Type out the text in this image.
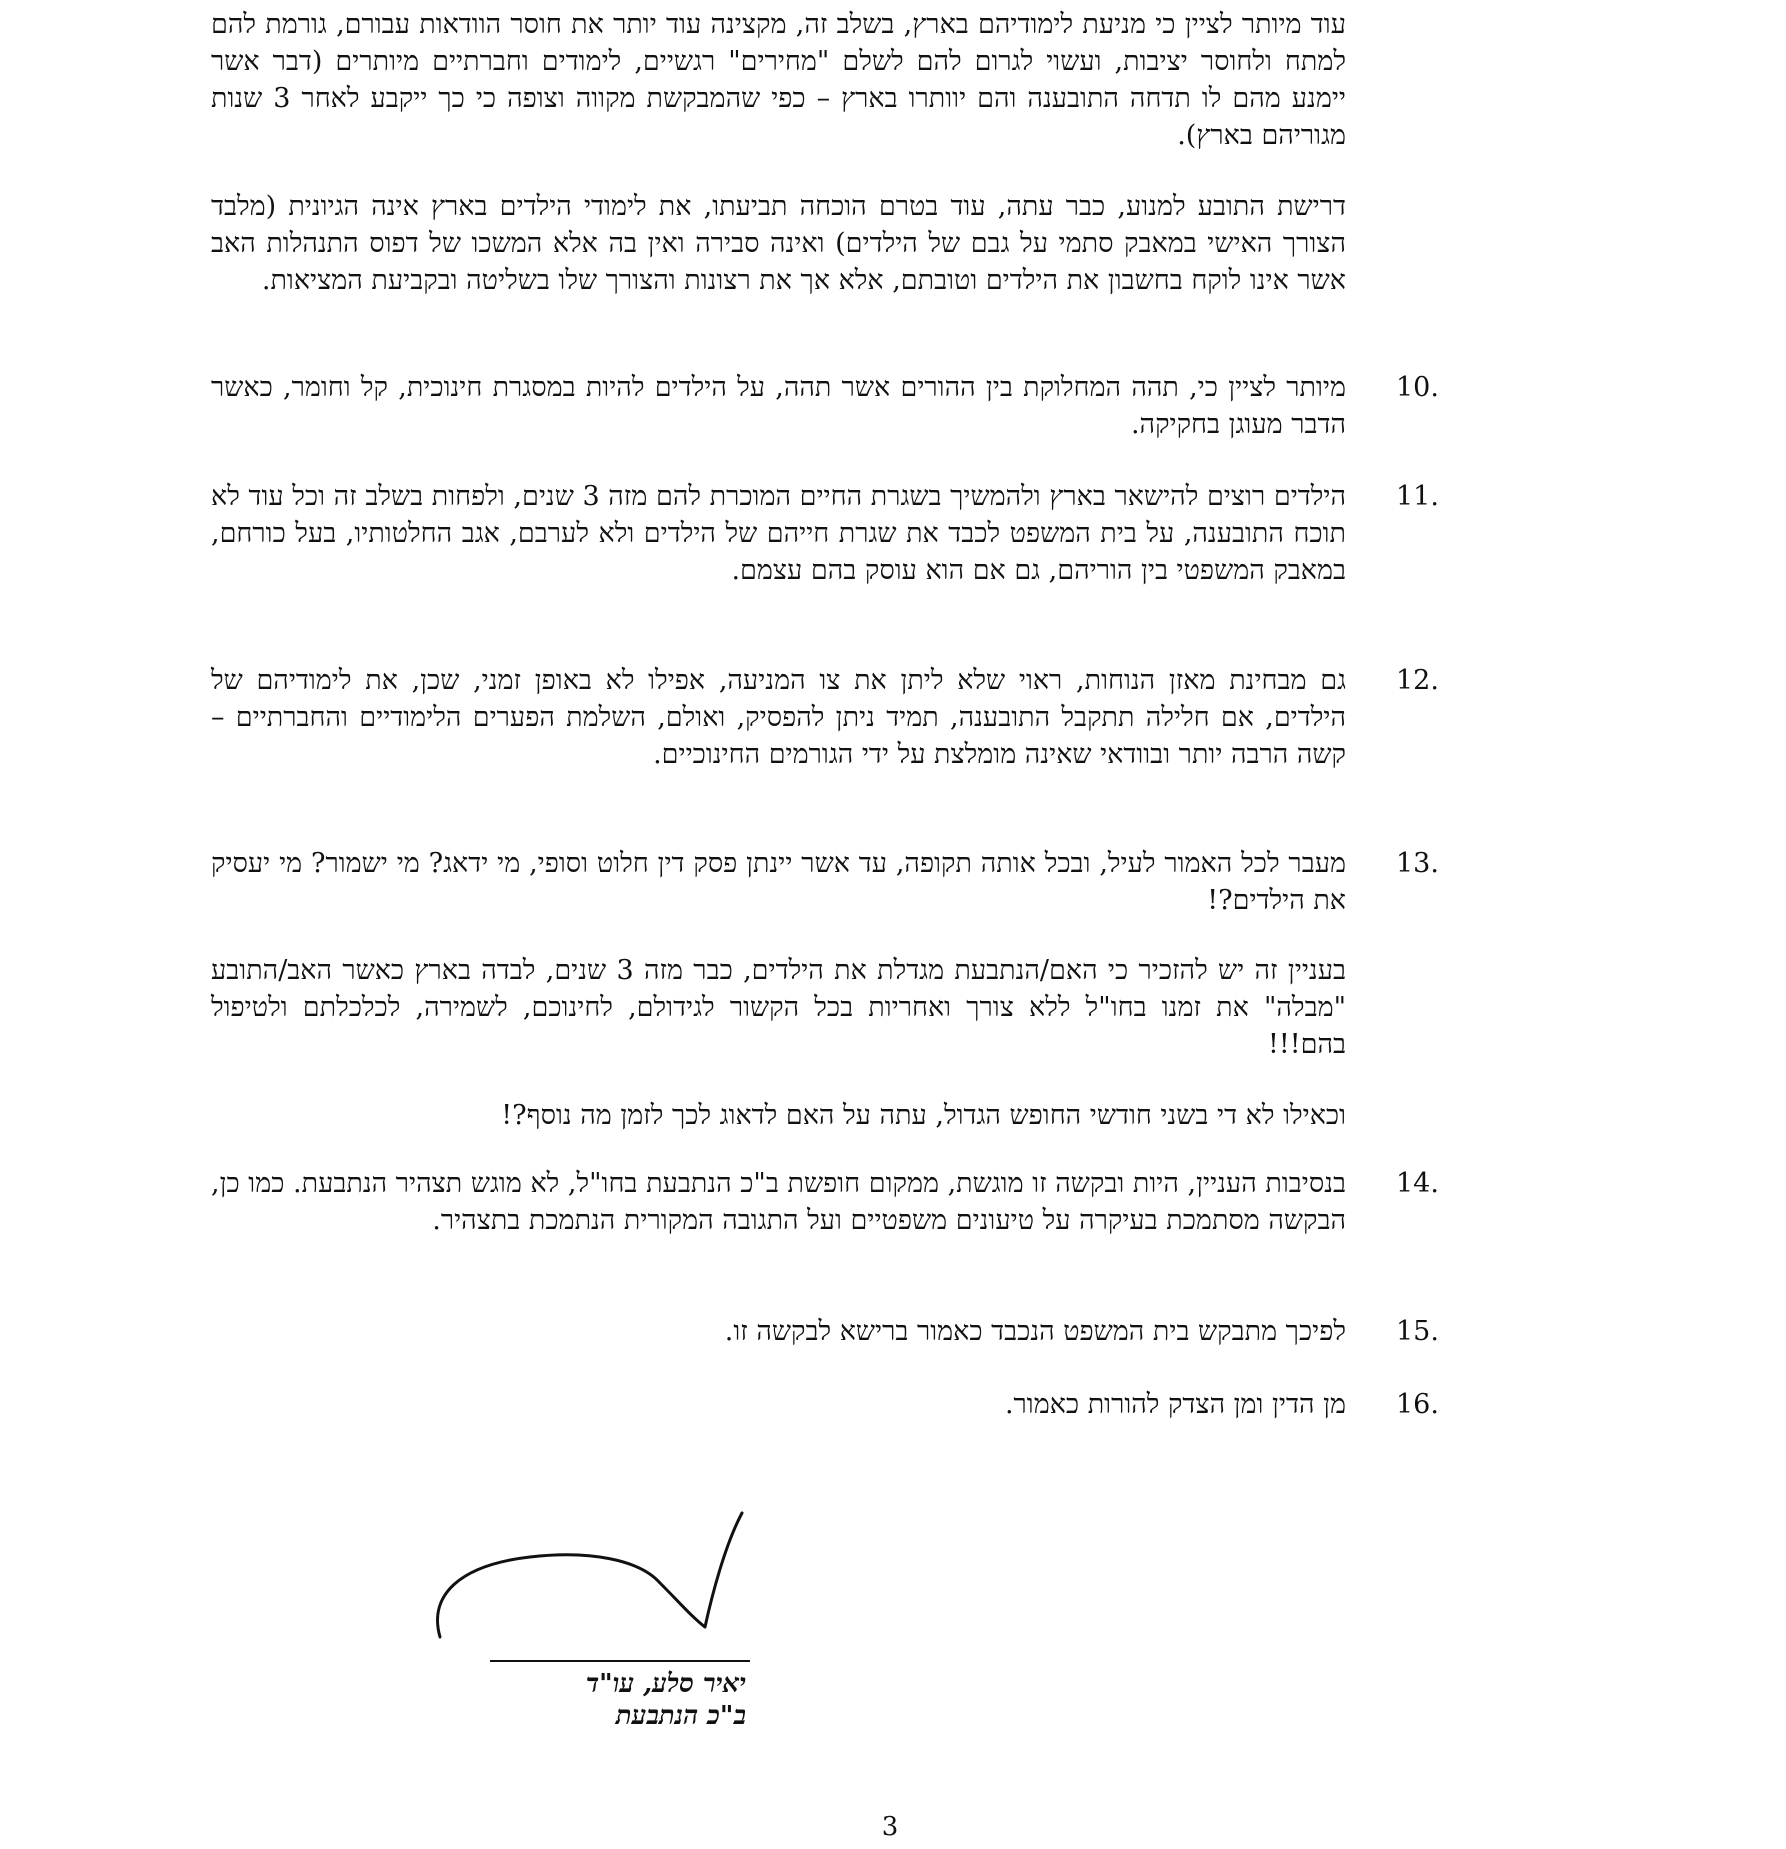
עוד מיותר לציין כי מניעת לימודיהם בארץ, בשלב זה, מקצינה עוד יותר את חוסר הוודאות עבורם, גורמת להם למתח ולחוסר יציבות, ועשוי לגרום להם לשלם "מחירים" רגשיים, לימודים וחברתיים מיותרים (דבר אשר יימנע מהם לו תדחה התובענה והם יוותרו בארץ – כפי שהמבקשת מקווה וצופה כי כך ייקבע לאחר 3 שנות מגוריהם בארץ).

דרישת התובע למנוע, כבר עתה, עוד בטרם הוכחה תביעתו, את לימודי הילדים בארץ אינה הגיונית (מלבד הצורך האישי במאבק סתמי על גבם של הילדים) ואינה סבירה ואין בה אלא המשכו של דפוס התנהלות האב אשר אינו לוקח בחשבון את הילדים וטובתם, אלא אך את רצונות והצורך שלו בשליטה ובקביעת המציאות.

10.

מיותר לציין כי, תהה המחלוקת בין ההורים אשר תהה, על הילדים להיות במסגרת חינוכית, קל וחומר, כאשר הדבר מעוגן בחקיקה.

11.

הילדים רוצים להישאר בארץ ולהמשיך בשגרת החיים המוכרת להם מזה 3 שנים, ולפחות בשלב זה וכל עוד לא תוכח התובענה, על בית המשפט לכבד את שגרת חייהם של הילדים ולא לערבם, אגב החלטותיו, בעל כורחם, במאבק המשפטי בין הוריהם, גם אם הוא עוסק בהם עצמם.

12.

גם מבחינת מאזן הנוחות, ראוי שלא ליתן את צו המניעה, אפילו לא באופן זמני, שכן, את לימודיהם של הילדים, אם חלילה תתקבל התובענה, תמיד ניתן להפסיק, ואולם, השלמת הפערים הלימודיים והחברתיים – קשה הרבה יותר ובוודאי שאינה מומלצת על ידי הגורמים החינוכיים.

13.

מעבר לכל האמור לעיל, ובכל אותה תקופה, עד אשר יינתן פסק דין חלוט וסופי, מי ידאג? מי ישמור? מי יעסיק את הילדים?!

בעניין זה יש להזכיר כי האם/הנתבעת מגדלת את הילדים, כבר מזה 3 שנים, לבדה בארץ כאשר האב/התובע "מבלה" את זמנו בחו"ל ללא צורך ואחריות בכל הקשור לגידולם, לחינוכם, לשמירה, לכלכלתם ולטיפול בהם!!!

וכאילו לא די בשני חודשי החופש הגדול, עתה על האם לדאוג לכך לזמן מה נוסף?!

14.

בנסיבות העניין, היות ובקשה זו מוגשת, ממקום חופשת ב"כ הנתבעת בחו"ל, לא מוגש תצהיר הנתבעת. כמו כן, הבקשה מסתמכת בעיקרה על טיעונים משפטיים ועל התגובה המקורית הנתמכת בתצהיר.

15.

לפיכך מתבקש בית המשפט הנכבד כאמור ברישא לבקשה זו.

16.

מן הדין ומן הצדק להורות כאמור.

יאיר סלע, עו"ד
ב"כ הנתבעת
3
